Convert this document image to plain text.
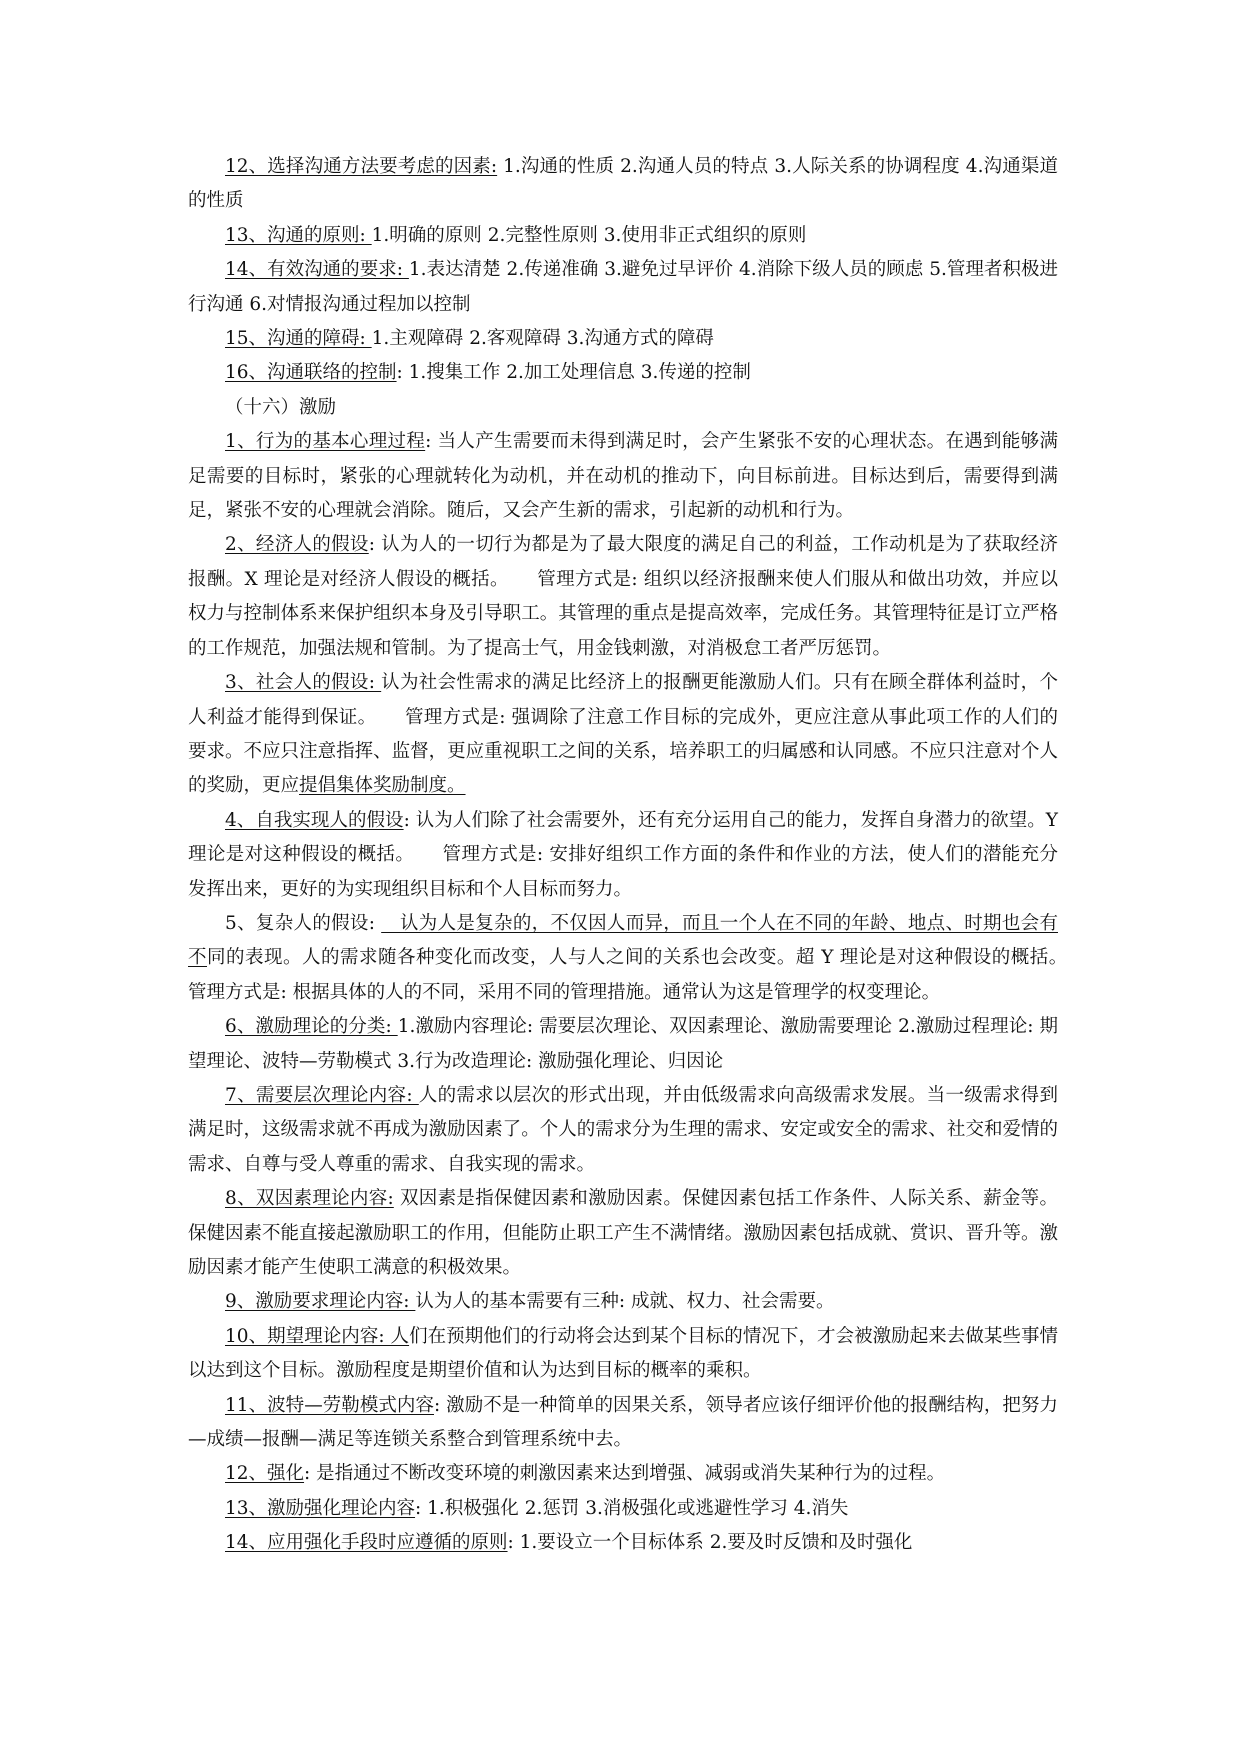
12、选择沟通方法要考虑的因素: 1.沟通的性质 2.沟通人员的特点 3.人际关系的协调程度 4.沟通渠道的性质

13、沟通的原则: 1.明确的原则 2.完整性原则 3.使用非正式组织的原则

14、有效沟通的要求: 1.表达清楚 2.传递准确 3.避免过早评价 4.消除下级人员的顾虑 5.管理者积极进行沟通 6.对情报沟通过程加以控制

15、沟通的障碍: 1.主观障碍 2.客观障碍 3.沟通方式的障碍

16、沟通联络的控制: 1.搜集工作 2.加工处理信息 3.传递的控制

（十六）激励

1、行为的基本心理过程: 当人产生需要而未得到满足时，会产生紧张不安的心理状态。在遇到能够满足需要的目标时，紧张的心理就转化为动机，并在动机的推动下，向目标前进。目标达到后，需要得到满足，紧张不安的心理就会消除。随后，又会产生新的需求，引起新的动机和行为。

2、经济人的假设: 认为人的一切行为都是为了最大限度的满足自己的利益，工作动机是为了获取经济报酬。X 理论是对经济人假设的概括。　　管理方式是: 组织以经济报酬来使人们服从和做出功效，并应以权力与控制体系来保护组织本身及引导职工。其管理的重点是提高效率，完成任务。其管理特征是订立严格的工作规范，加强法规和管制。为了提高士气，用金钱刺激，对消极怠工者严厉惩罚。

3、社会人的假设: 认为社会性需求的满足比经济上的报酬更能激励人们。只有在顾全群体利益时，个人利益才能得到保证。　　管理方式是: 强调除了注意工作目标的完成外，更应注意从事此项工作的人们的要求。不应只注意指挥、监督，更应重视职工之间的关系，培养职工的归属感和认同感。不应只注意对个人的奖励，更应提倡集体奖励制度。

4、自我实现人的假设: 认为人们除了社会需要外，还有充分运用自己的能力，发挥自身潜力的欲望。Y 理论是对这种假设的概括。　　管理方式是: 安排好组织工作方面的条件和作业的方法，使人们的潜能充分发挥出来，更好的为实现组织目标和个人目标而努力。

5、复杂人的假设: 　认为人是复杂的，不仅因人而异，而且一个人在不同的年龄、地点、时期也会有不同的表现。人的需求随各种变化而改变，人与人之间的关系也会改变。超 Y 理论是对这种假设的概括。　　管理方式是: 根据具体的人的不同，采用不同的管理措施。通常认为这是管理学的权变理论。

6、激励理论的分类: 1.激励内容理论: 需要层次理论、双因素理论、激励需要理论 2.激励过程理论: 期望理论、波特—劳勒模式 3.行为改造理论: 激励强化理论、归因论

7、需要层次理论内容: 人的需求以层次的形式出现，并由低级需求向高级需求发展。当一级需求得到满足时，这级需求就不再成为激励因素了。个人的需求分为生理的需求、安定或安全的需求、社交和爱情的需求、自尊与受人尊重的需求、自我实现的需求。

8、双因素理论内容: 双因素是指保健因素和激励因素。保健因素包括工作条件、人际关系、薪金等。保健因素不能直接起激励职工的作用，但能防止职工产生不满情绪。激励因素包括成就、赏识、晋升等。激励因素才能产生使职工满意的积极效果。

9、激励要求理论内容: 认为人的基本需要有三种: 成就、权力、社会需要。

10、期望理论内容: 人们在预期他们的行动将会达到某个目标的情况下，才会被激励起来去做某些事情以达到这个目标。激励程度是期望价值和认为达到目标的概率的乘积。

11、波特—劳勒模式内容: 激励不是一种简单的因果关系，领导者应该仔细评价他的报酬结构，把努力—成绩—报酬—满足等连锁关系整合到管理系统中去。

12、强化: 是指通过不断改变环境的刺激因素来达到增强、减弱或消失某种行为的过程。

13、激励强化理论内容: 1.积极强化 2.惩罚 3.消极强化或逃避性学习 4.消失

14、应用强化手段时应遵循的原则: 1.要设立一个目标体系 2.要及时反馈和及时强化
